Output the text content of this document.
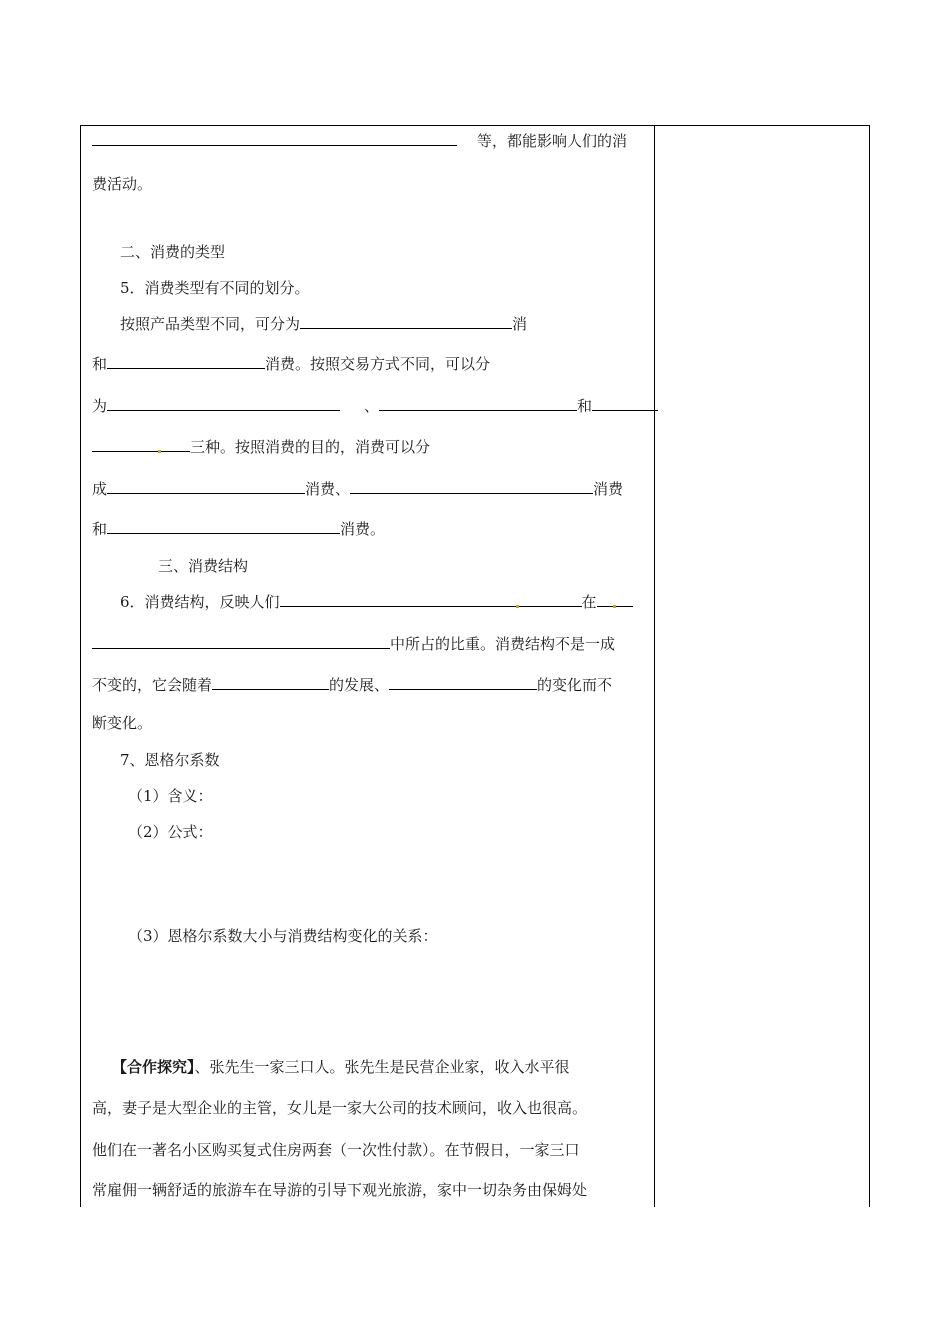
等，都能影响人们的消
费活动。
二、消费的类型
5．消费类型有不同的划分。
按照产品类型不同，可分为	消
和	消费。按照交易方式不同，可以分
为	、	和
三种。按照消费的目的，消费可以分
成	消费、	消费
和	消费。
三、消费结构
6．消费结构，反映人们	在
中所占的比重。消费结构不是一成
不变的，它会随着	的发展、	的变化而不
断变化。
7、恩格尔系数
（1）含义：
（2）公式：
（3）恩格尔系数大小与消费结构变化的关系：
【合作探究】、张先生一家三口人。张先生是民营企业家，收入水平很
高，妻子是大型企业的主管，女儿是一家大公司的技术顾问，收入也很高。
他们在一著名小区购买复式住房两套（一次性付款）。在节假日，一家三口
常雇佣一辆舒适的旅游车在导游的引导下观光旅游，家中一切杂务由保姆处
